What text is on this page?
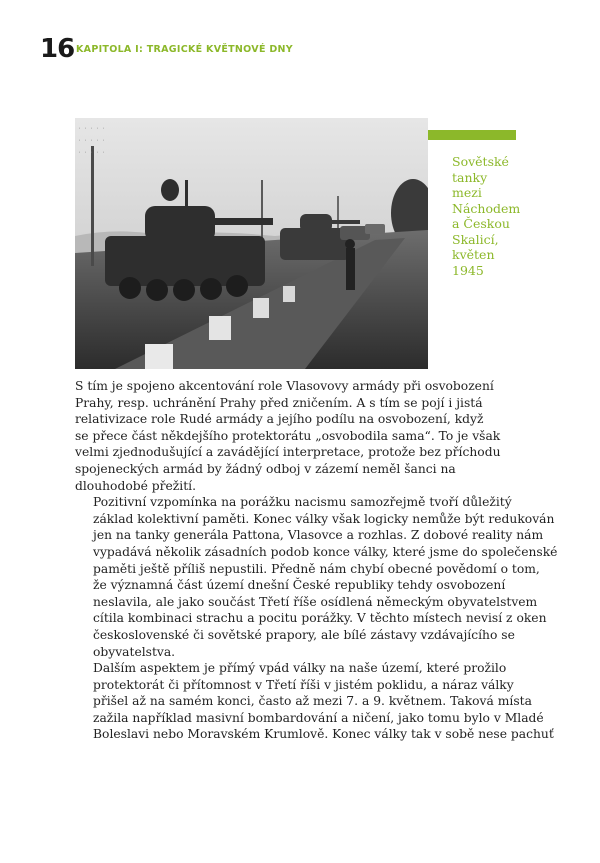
16 KAPITOLA I: TRAGICKÉ KVĚTNOVÉ DNY
· · · · ·
· · · · ·
· · · · ·
Sovětské
tanky
mezi
Náchodem
a Českou
Skalicí,
květen
1945

S tím je spojeno akcentování role Vlasovovy armády při osvobození
Prahy, resp. uchránění Prahy před zničením. A s tím se pojí i jistá
relativizace role Rudé armády a jejího podílu na osvobození, když
se přece část někdejšího protektorátu „osvobodila sama“. To je však
velmi zjednodušující a zavádějící interpretace, protože bez příchodu
spojeneckých armád by žádný odboj v zázemí neměl šanci na
dlouhodobé přežití.

Pozitivní vzpomínka na porážku nacismu samozřejmě tvoří důležitý
základ kolektivní paměti. Konec války však logicky nemůže být redukován
jen na tanky generála Pattona, Vlasovce a rozhlas. Z dobové reality nám
vypadává několik zásadních podob konce války, které jsme do společenské
paměti ještě příliš nepustili. Předně nám chybí obecné povědomí o tom,
že významná část území dnešní České republiky tehdy osvobození
neslavila, ale jako součást Třetí říše osídlená německým obyvatelstvem
cítila kombinaci strachu a pocitu porážky. V těchto místech nevisí z oken
československé či sovětské prapory, ale bílé zástavy vzdávajícího se
obyvatelstva.

Dalším aspektem je přímý vpád války na naše území, které prožilo
protektorát či přítomnost v Třetí říši v jistém poklidu, a náraz války
přišel až na samém konci, často až mezi 7. a 9. květnem. Taková místa
zažila například masivní bombardování a ničení, jako tomu bylo v Mladé
Boleslavi nebo Moravském Krumlově. Konec války tak v sobě nese pachuť
